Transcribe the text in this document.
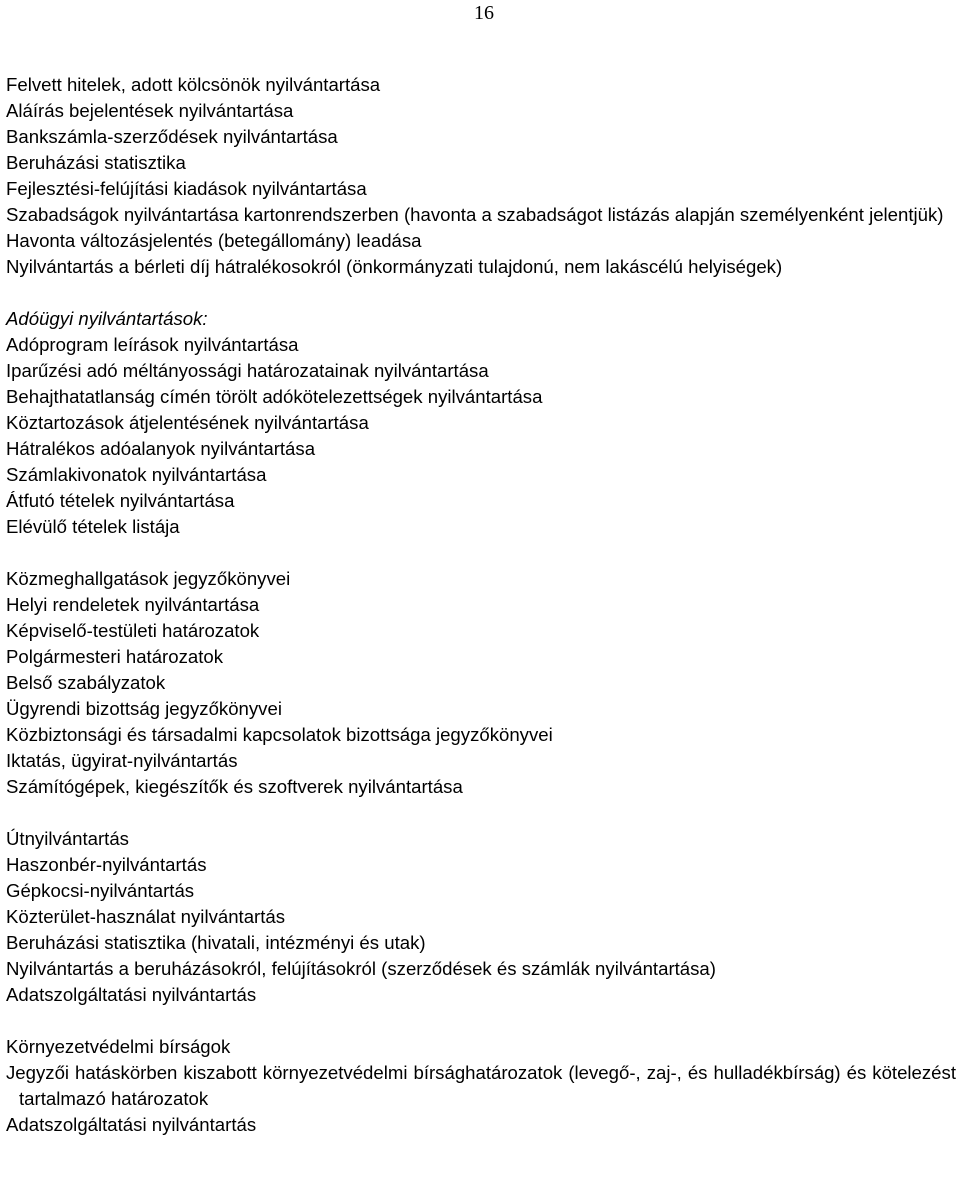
16

Felvett hitelek, adott kölcsönök nyilvántartása
Aláírás bejelentések nyilvántartása
Bankszámla-szerződések nyilvántartása
Beruházási statisztika
Fejlesztési-felújítási kiadások nyilvántartása
Szabadságok nyilvántartása kartonrendszerben (havonta a szabadságot listázás alapján személyenként jelentjük)
Havonta változásjelentés (betegállomány) leadása
Nyilvántartás a bérleti díj hátralékosokról (önkormányzati tulajdonú, nem lakáscélú helyiségek)
Adóügyi nyilvántartások:
Adóprogram leírások nyilvántartása
Iparűzési adó méltányossági határozatainak nyilvántartása
Behajthatatlanság címén törölt adókötelezettségek nyilvántartása
Köztartozások átjelentésének nyilvántartása
Hátralékos adóalanyok nyilvántartása
Számlakivonatok nyilvántartása
Átfutó tételek nyilvántartása
Elévülő tételek listája
Közmeghallgatások jegyzőkönyvei
Helyi rendeletek nyilvántartása
Képviselő-testületi határozatok
Polgármesteri határozatok
Belső szabályzatok
Ügyrendi bizottság jegyzőkönyvei
Közbiztonsági és társadalmi kapcsolatok bizottsága jegyzőkönyvei
Iktatás, ügyirat-nyilvántartás
Számítógépek, kiegészítők és szoftverek nyilvántartása
Útnyilvántartás
Haszonbér-nyilvántartás
Gépkocsi-nyilvántartás
Közterület-használat nyilvántartás
Beruházási statisztika (hivatali, intézményi és utak)
Nyilvántartás a beruházásokról, felújításokról (szerződések és számlák nyilvántartása)
Adatszolgáltatási nyilvántartás
Környezetvédelmi bírságok
Jegyzői hatáskörben kiszabott környezetvédelmi bírsághatározatok (levegő-, zaj-, és hulladékbírság) és kötelezést tartalmazó határozatok
Adatszolgáltatási nyilvántartás
